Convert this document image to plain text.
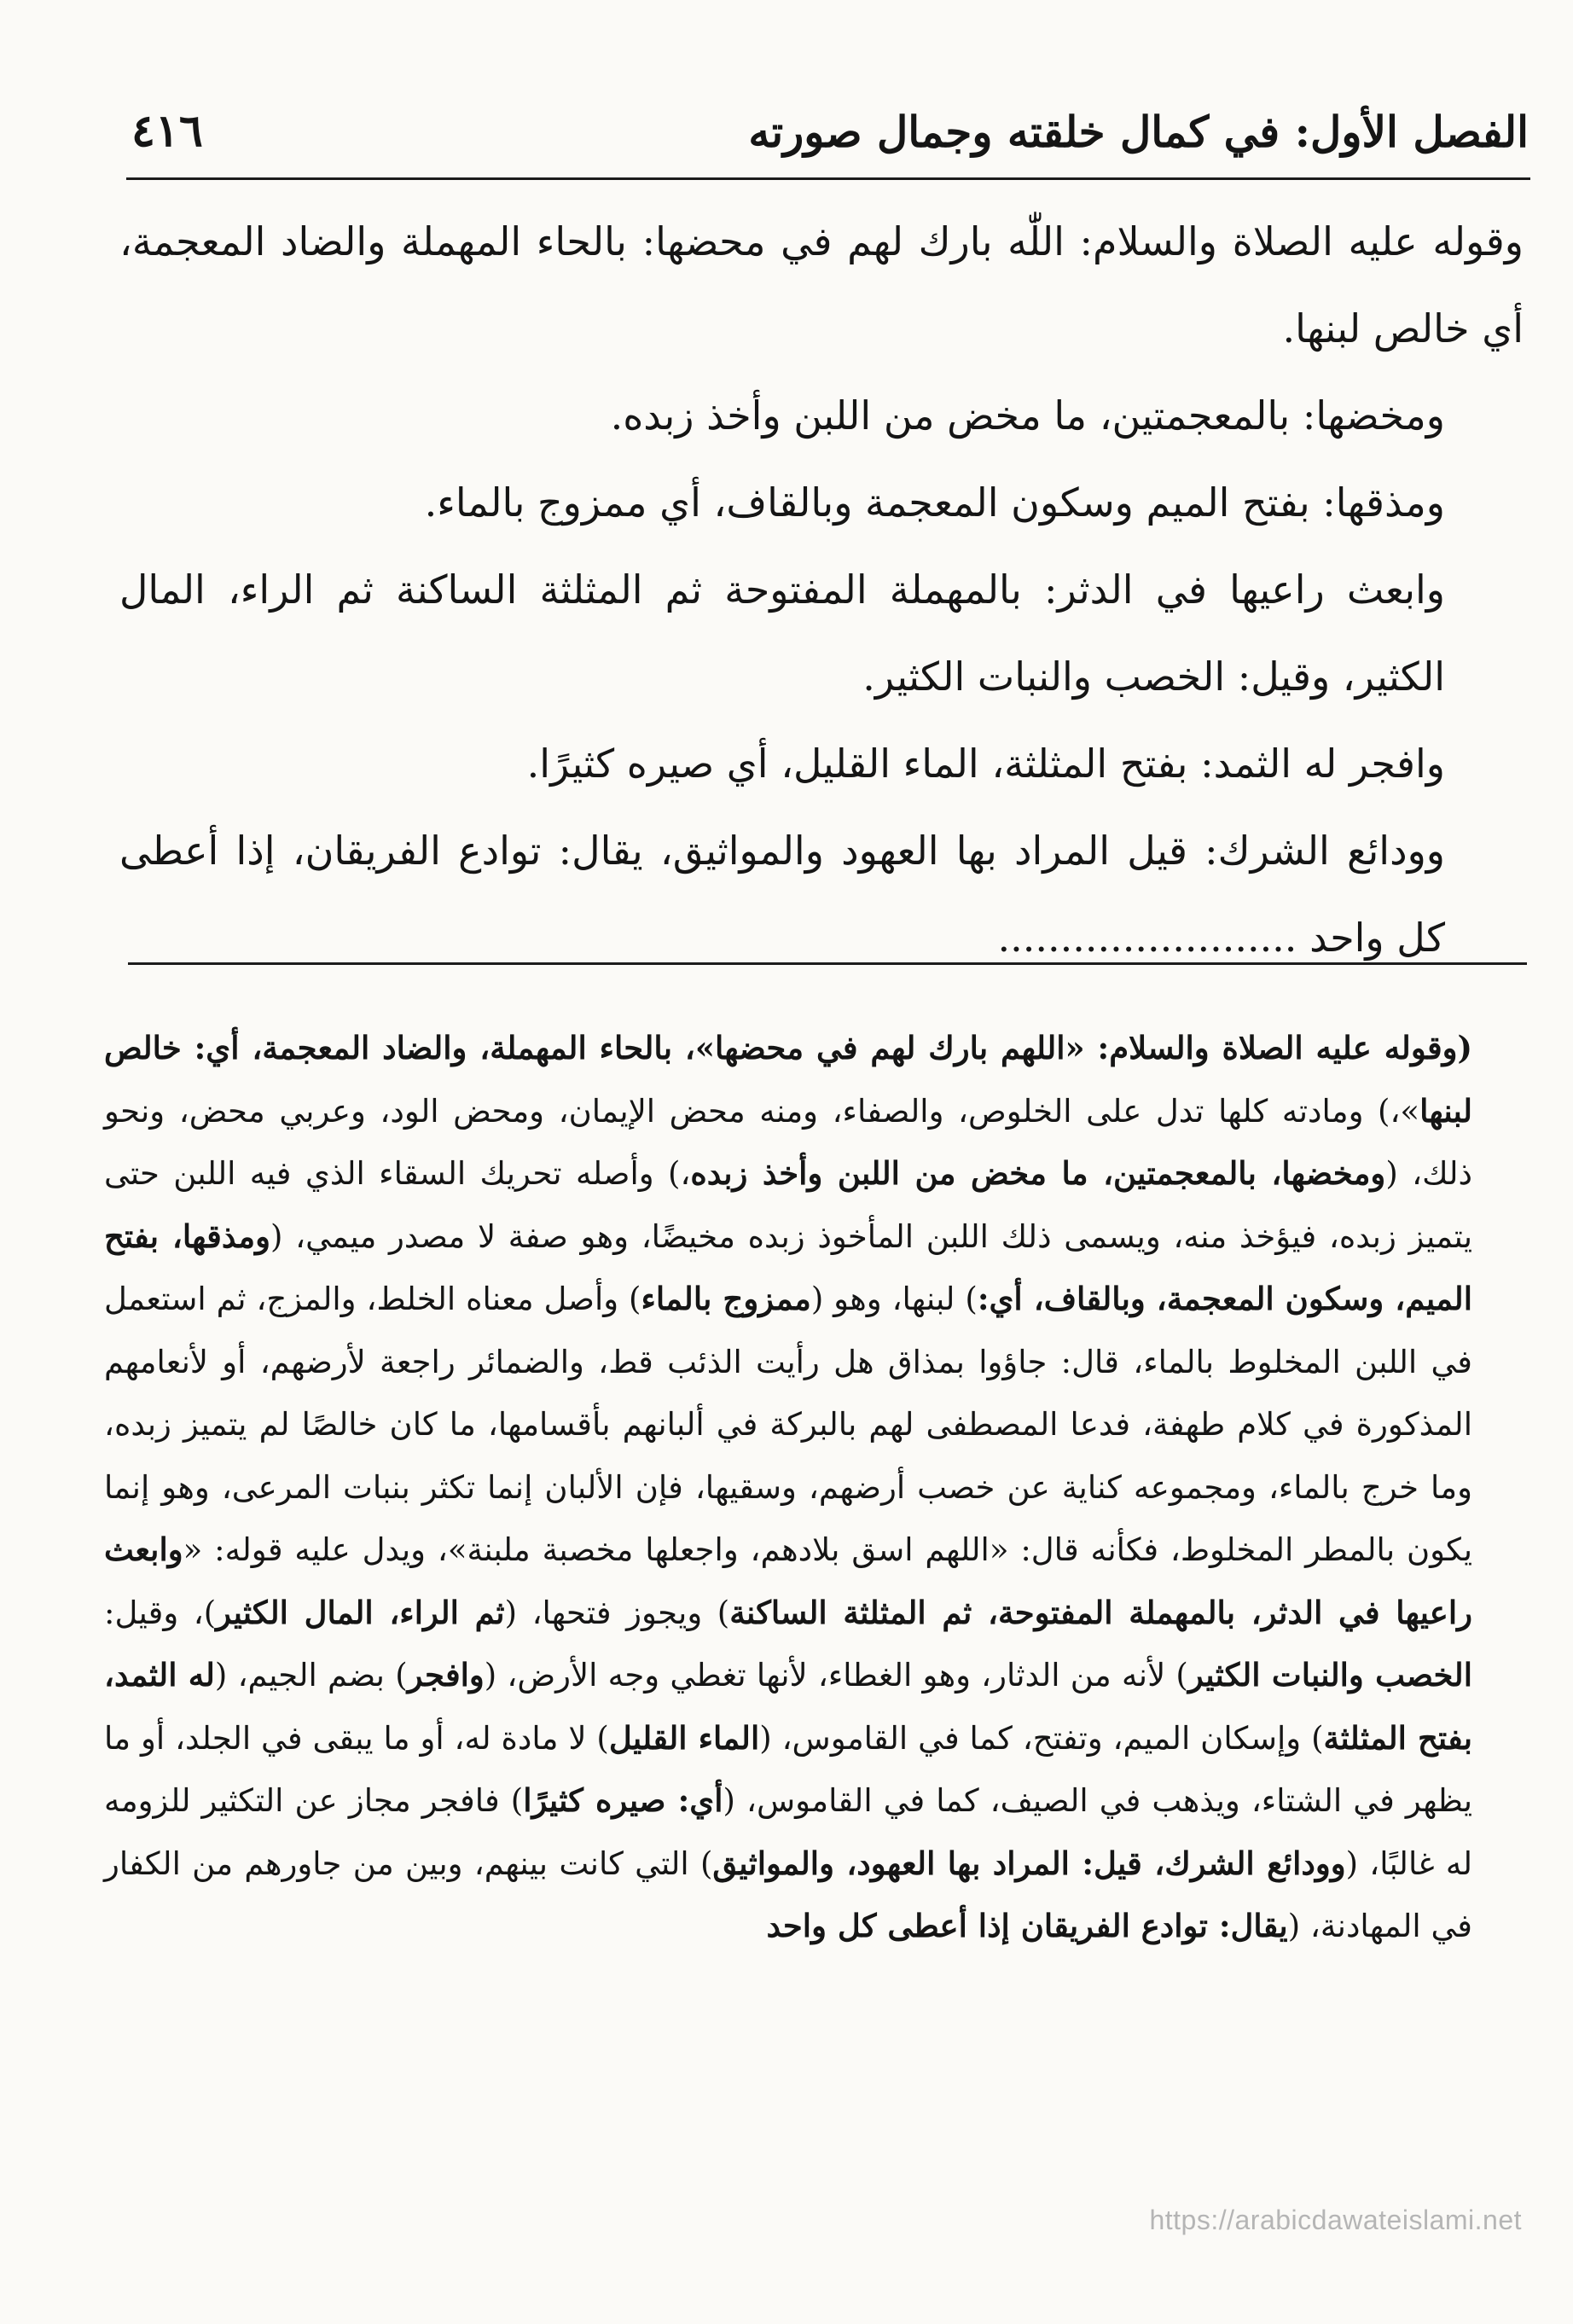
٤١٦	الفصل الأول: في كمال خلقته وجمال صورته

وقوله عليه الصلاة والسلام: اللّٰه بارك لهم في محضها: بالحاء المهملة والضاد المعجمة، أي خالص لبنها.

ومخضها: بالمعجمتين، ما مخض من اللبن وأخذ زبده.

ومذقها: بفتح الميم وسكون المعجمة وبالقاف، أي ممزوج بالماء.

وابعث راعيها في الدثر: بالمهملة المفتوحة ثم المثلثة الساكنة ثم الراء، المال الكثير، وقيل: الخصب والنبات الكثير.

وافجر له الثمد: بفتح المثلثة، الماء القليل، أي صيره كثيرًا.

وودائع الشرك: قيل المراد بها العهود والمواثيق، يقال: توادع الفريقان، إذا أعطى كل واحد ........................

(وقوله عليه الصلاة والسلام: «اللهم بارك لهم في محضها»، بالحاء المهملة، والضاد المعجمة، أي: خالص لبنها»،) ومادته كلها تدل على الخلوص، والصفاء، ومنه محض الإيمان، ومحض الود، وعربي محض، ونحو ذلك، (ومخضها، بالمعجمتين، ما مخض من اللبن وأخذ زبده،) وأصله تحريك السقاء الذي فيه اللبن حتى يتميز زبده، فيؤخذ منه، ويسمى ذلك اللبن المأخوذ زبده مخيضًا، وهو صفة لا مصدر ميمي، (ومذقها، بفتح الميم، وسكون المعجمة، وبالقاف، أي:) لبنها، وهو (ممزوج بالماء) وأصل معناه الخلط، والمزج، ثم استعمل في اللبن المخلوط بالماء، قال: جاؤوا بمذاق هل رأيت الذئب قط، والضمائر راجعة لأرضهم، أو لأنعامهم المذكورة في كلام طهفة، فدعا المصطفى لهم بالبركة في ألبانهم بأقسامها، ما كان خالصًا لم يتميز زبده، وما خرج بالماء، ومجموعه كناية عن خصب أرضهم، وسقيها، فإن الألبان إنما تكثر بنبات المرعى، وهو إنما يكون بالمطر المخلوط، فكأنه قال: «اللهم اسق بلادهم، واجعلها مخصبة ملبنة»، ويدل عليه قوله: «وابعث راعيها في الدثر، بالمهملة المفتوحة، ثم المثلثة الساكنة) ويجوز فتحها، (ثم الراء، المال الكثير)، وقيل: الخصب والنبات الكثير) لأنه من الدثار، وهو الغطاء، لأنها تغطي وجه الأرض، (وافجر) بضم الجيم، (له الثمد، بفتح المثلثة) وإسكان الميم، وتفتح، كما في القاموس، (الماء القليل) لا مادة له، أو ما يبقى في الجلد، أو ما يظهر في الشتاء، ويذهب في الصيف، كما في القاموس، (أي: صيره كثيرًا) فافجر مجاز عن التكثير للزومه له غالبًا، (وودائع الشرك، قيل: المراد بها العهود، والمواثيق) التي كانت بينهم، وبين من جاورهم من الكفار في المهادنة، (يقال: توادع الفريقان إذا أعطى كل واحد

https://arabicdawateislami.net
